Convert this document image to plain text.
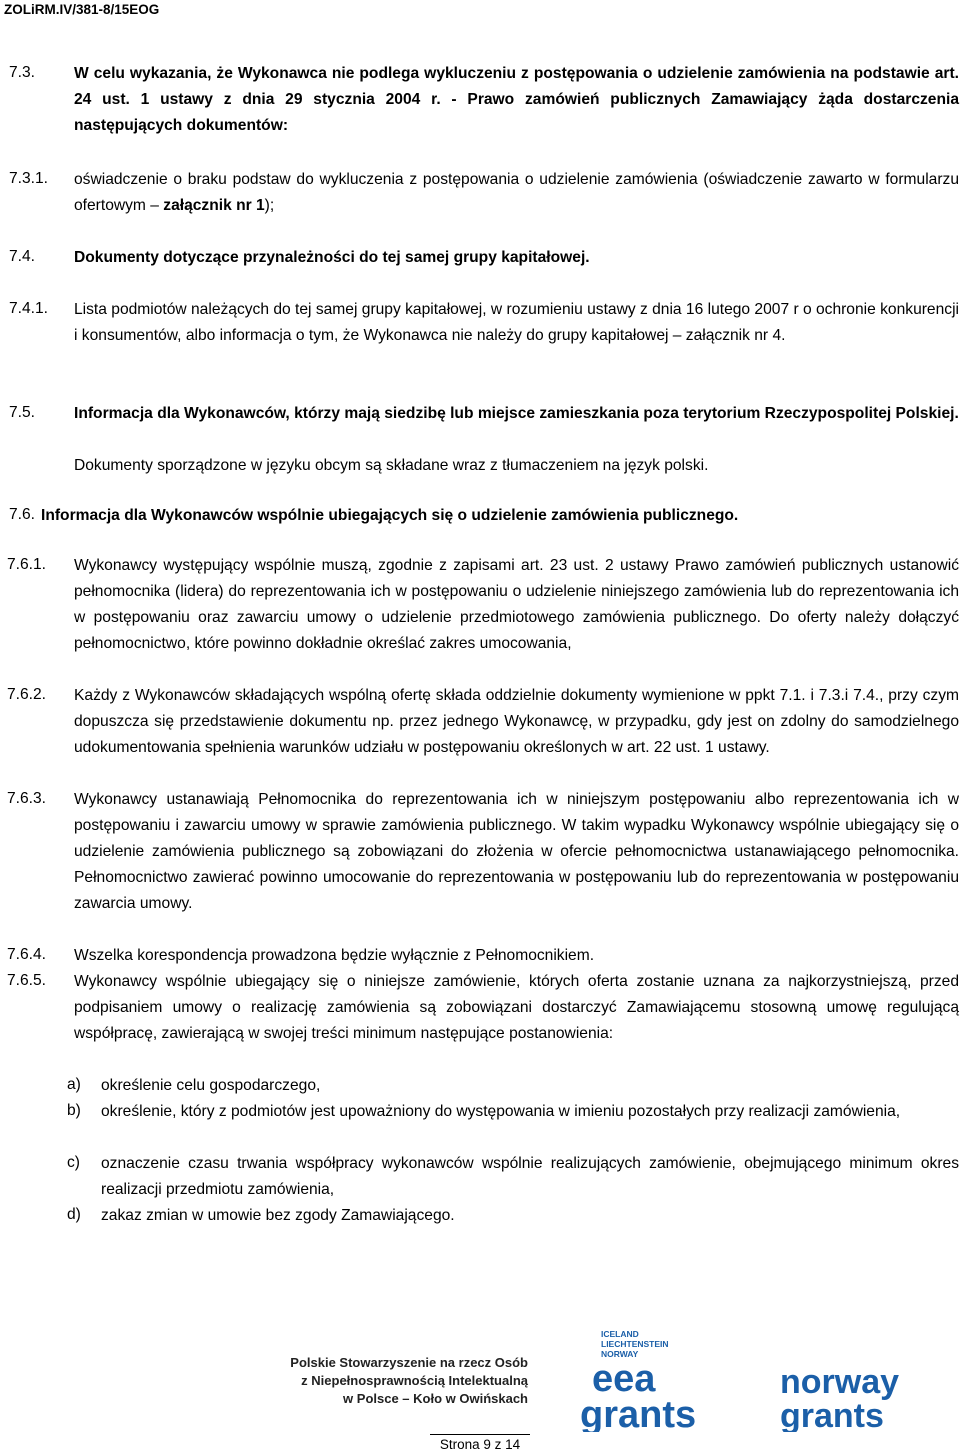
ZOLiRM.IV/381-8/15EOG
7.3. W celu wykazania, że Wykonawca nie podlega wykluczeniu z postępowania o udzielenie zamówienia na podstawie art. 24 ust. 1 ustawy z dnia 29 stycznia 2004 r. - Prawo zamówień publicznych Zamawiający żąda dostarczenia następujących dokumentów:
7.3.1. oświadczenie o braku podstaw do wykluczenia z postępowania o udzielenie zamówienia (oświadczenie zawarto w formularzu ofertowym – załącznik nr 1);
7.4. Dokumenty dotyczące przynależności do tej samej grupy kapitałowej.
7.4.1. Lista podmiotów należących do tej samej grupy kapitałowej, w rozumieniu ustawy z dnia 16 lutego 2007 r o ochronie konkurencji i konsumentów, albo informacja o tym, że Wykonawca nie należy do grupy kapitałowej – załącznik nr 4.
7.5. Informacja dla Wykonawców, którzy mają siedzibę lub miejsce zamieszkania poza terytorium Rzeczypospolitej Polskiej.
Dokumenty sporządzone w języku obcym są składane wraz z tłumaczeniem na język polski.
7.6. Informacja dla Wykonawców wspólnie ubiegających się o udzielenie zamówienia publicznego.
7.6.1. Wykonawcy występujący wspólnie muszą, zgodnie z zapisami art. 23 ust. 2 ustawy Prawo zamówień publicznych ustanowić pełnomocnika (lidera) do reprezentowania ich w postępowaniu o udzielenie niniejszego zamówienia lub do reprezentowania ich w postępowaniu oraz zawarciu umowy o udzielenie przedmiotowego zamówienia publicznego. Do oferty należy dołączyć pełnomocnictwo, które powinno dokładnie określać zakres umocowania,
7.6.2. Każdy z Wykonawców składających wspólną ofertę składa oddzielnie dokumenty wymienione w ppkt 7.1. i 7.3.i 7.4., przy czym dopuszcza się przedstawienie dokumentu np. przez jednego Wykonawcę, w przypadku, gdy jest on zdolny do samodzielnego udokumentowania spełnienia warunków udziału w postępowaniu określonych w art. 22 ust. 1 ustawy.
7.6.3. Wykonawcy ustanawiają Pełnomocnika do reprezentowania ich w niniejszym postępowaniu albo reprezentowania ich w postępowaniu i zawarciu umowy w sprawie zamówienia publicznego. W takim wypadku Wykonawcy wspólnie ubiegający się o udzielenie zamówienia publicznego są zobowiązani do złożenia w ofercie pełnomocnictwa ustanawiającego pełnomocnika. Pełnomocnictwo zawierać powinno umocowanie do reprezentowania w postępowaniu lub do reprezentowania w postępowaniu zawarcia umowy.
7.6.4. Wszelka korespondencja prowadzona będzie wyłącznie z Pełnomocnikiem.
7.6.5. Wykonawcy wspólnie ubiegający się o niniejsze zamówienie, których oferta zostanie uznana za najkorzystniejszą, przed podpisaniem umowy o realizację zamówienia są zobowiązani dostarczyć Zamawiającemu stosowną umowę regulującą współpracę, zawierającą w swojej treści minimum następujące postanowienia:
a) określenie celu gospodarczego,
b) określenie, który z podmiotów jest upoważniony do występowania w imieniu pozostałych przy realizacji zamówienia,
c) oznaczenie czasu trwania współpracy wykonawców wspólnie realizujących zamówienie, obejmującego minimum okres realizacji przedmiotu zamówienia,
d) zakaz zmian w umowie bez zgody Zamawiającego.
Polskie Stowarzyszenie na rzecz Osób
z Niepełnosprawnością Intelektualną
w Polsce – Koło w Owińskach
ICELAND
LIECHTENSTEIN
NORWAY
eea
grants
norway
grants
Strona 9 z 14
